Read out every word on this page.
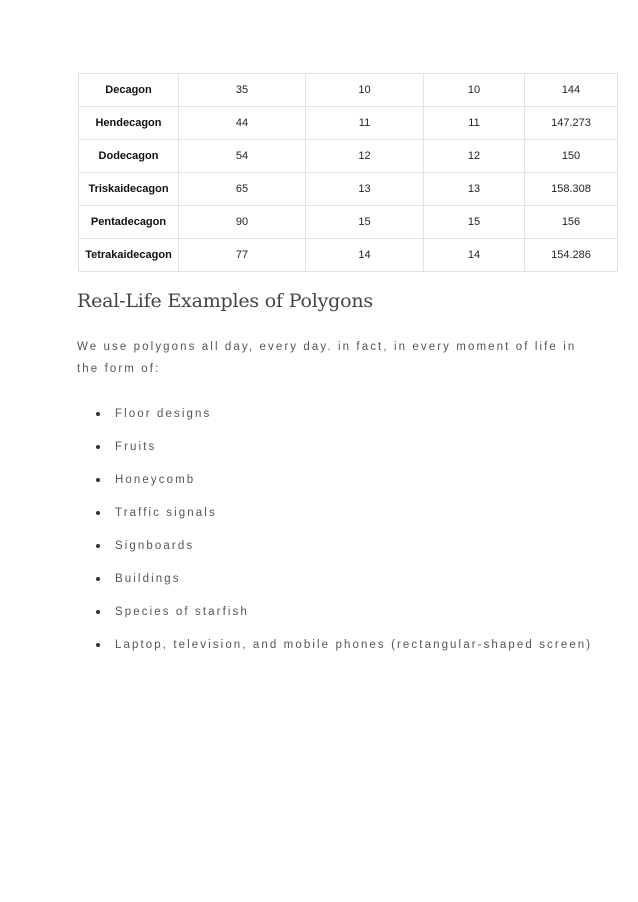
Decagon	35	10	10	144
Hendecagon	44	11	11	147.273
Dodecagon	54	12	12	150
Triskaidecagon	65	13	13	158.308
Pentadecagon	90	15	15	156
Tetrakaidecagon	77	14	14	154.286
Real-Life Examples of Polygons

We use polygons all day, every day. in fact, in every moment of life in the form of:

Floor designs
Fruits
Honeycomb
Traffic signals
Signboards
Buildings
Species of starfish
Laptop, television, and mobile phones (rectangular-shaped screen)
